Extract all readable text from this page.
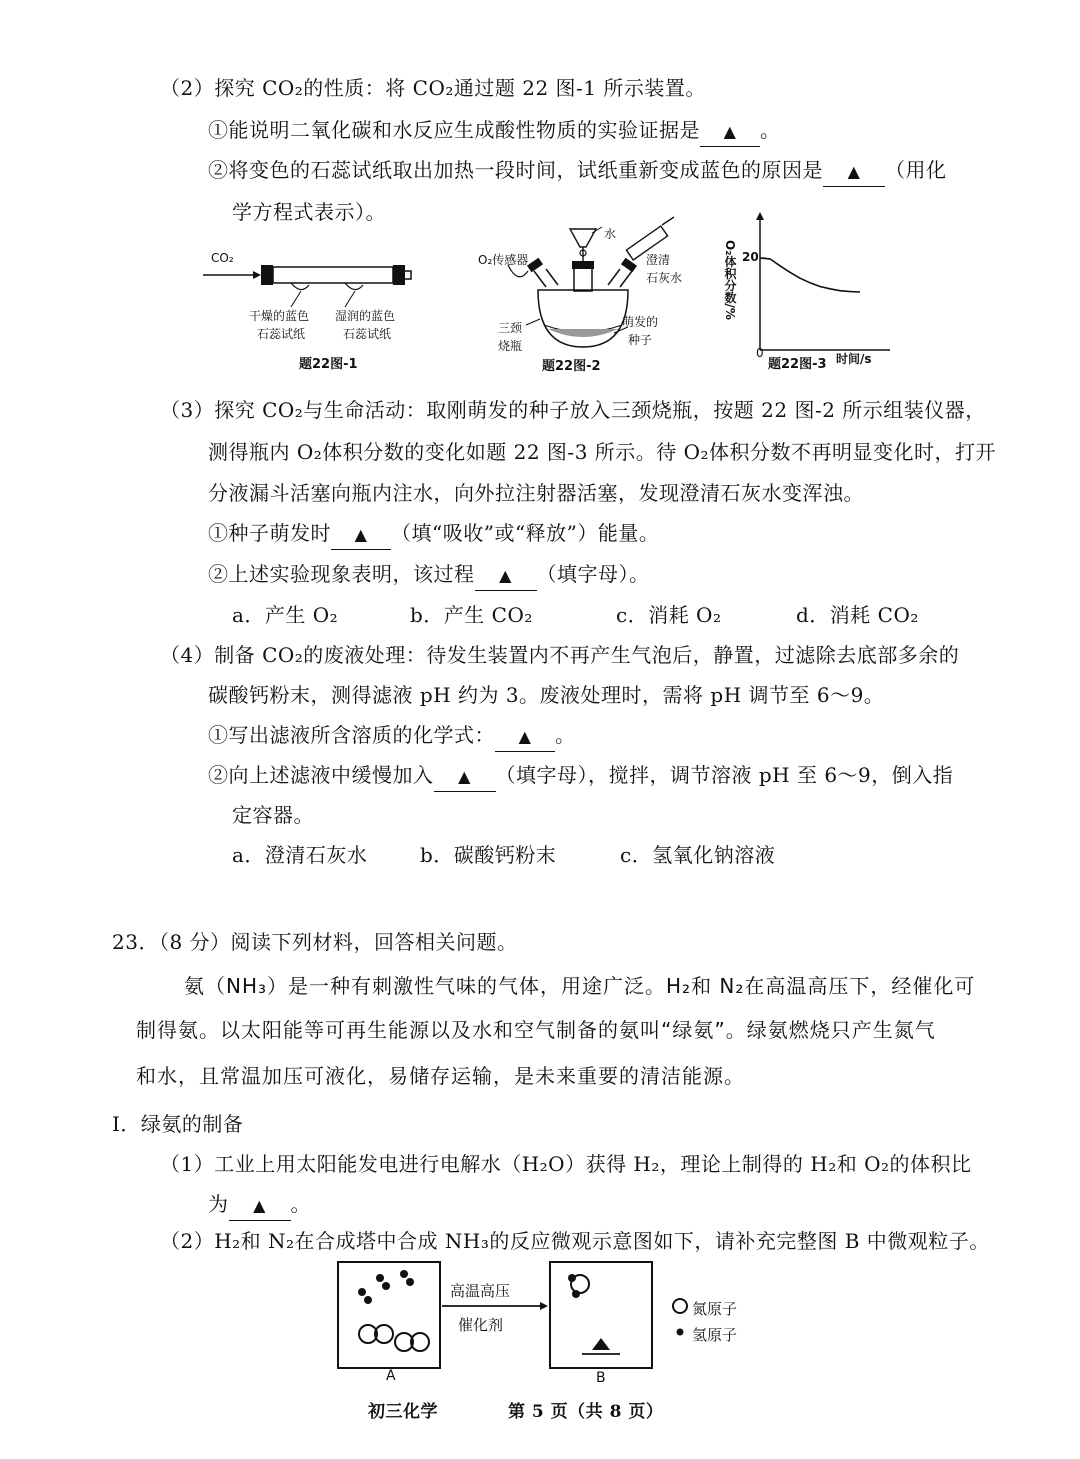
（2）探究 CO₂的性质：将 CO₂通过题 22 图-1 所示装置。
①能说明二氧化碳和水反应生成酸性物质的实验证据是 ▲ 。
②将变色的石蕊试纸取出加热一段时间，试纸重新变成蓝色的原因是 ▲ （用化
学方程式表示）。
CO₂
干燥的蓝色
石蕊试纸
湿润的蓝色
石蕊试纸
题22图-1
O₂传感器
水
澄清
石灰水
三颈
烧瓶
萌发的
种子
题22图-2
O₂体积分数/% 20
0	时间/s
题22图-3
（3）探究 CO₂与生命活动：取刚萌发的种子放入三颈烧瓶，按题 22 图-2 所示组装仪器，
测得瓶内 O₂体积分数的变化如题 22 图-3 所示。待 O₂体积分数不再明显变化时，打开
分液漏斗活塞向瓶内注水，向外拉注射器活塞，发现澄清石灰水变浑浊。
①种子萌发时 ▲ （填“吸收”或“释放”）能量。
②上述实验现象表明，该过程 ▲ （填字母）。
a．产生 O₂	b．产生 CO₂	c．消耗 O₂	d．消耗 CO₂
（4）制备 CO₂的废液处理：待发生装置内不再产生气泡后，静置，过滤除去底部多余的
碳酸钙粉末，测得滤液 pH 约为 3。废液处理时，需将 pH 调节至 6～9。
①写出滤液所含溶质的化学式： ▲ 。
②向上述滤液中缓慢加入 ▲ （填字母），搅拌，调节溶液 pH 至 6～9，倒入指
定容器。
a．澄清石灰水	b．碳酸钙粉末	c．氢氧化钠溶液
23．（8 分）阅读下列材料，回答相关问题。
氨（NH₃）是一种有刺激性气味的气体，用途广泛。H₂和 N₂在高温高压下，经催化可
制得氨。以太阳能等可再生能源以及水和空气制备的氨叫“绿氨”。绿氨燃烧只产生氮气
和水，且常温加压可液化，易储存运输，是未来重要的清洁能源。
I．绿氨的制备
（1）工业上用太阳能发电进行电解水（H₂O）获得 H₂，理论上制得的 H₂和 O₂的体积比
为 ▲ 。
（2）H₂和 N₂在合成塔中合成 NH₃的反应微观示意图如下，请补充完整图 B 中微观粒子。
高温高压
催化剂
A	B
氮原子
氢原子
初三化学	第 5 页（共 8 页）
